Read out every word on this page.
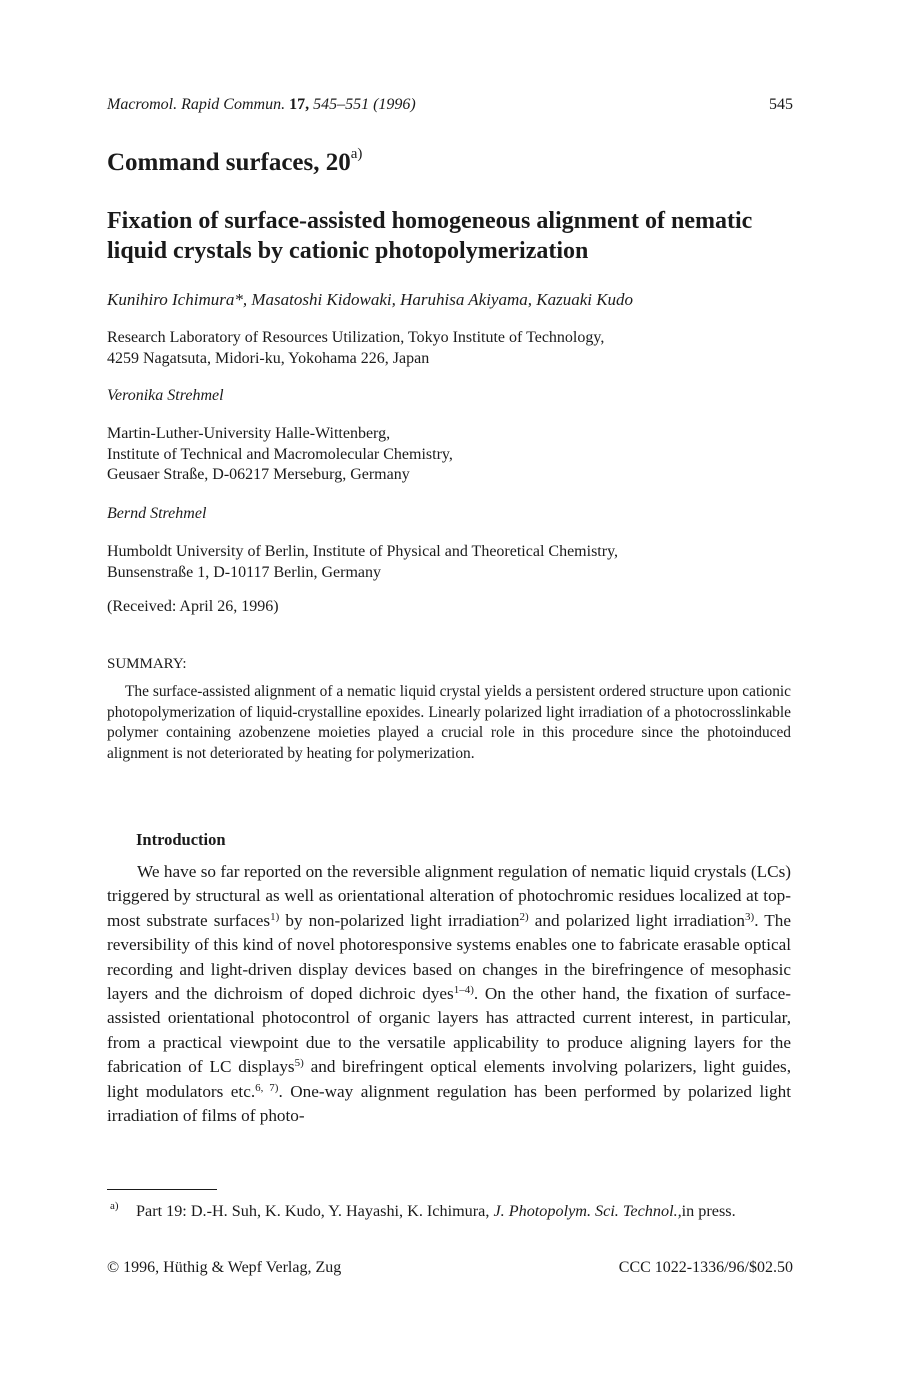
Macromol. Rapid Commun. 17, 545–551 (1996)	545
Command surfaces, 20$^{a)}$
Fixation of surface-assisted homogeneous alignment of nematic liquid crystals by cationic photopolymerization
Kunihiro Ichimura*, Masatoshi Kidowaki, Haruhisa Akiyama, Kazuaki Kudo
Research Laboratory of Resources Utilization, Tokyo Institute of Technology,
4259 Nagatsuta, Midori-ku, Yokohama 226, Japan
Veronika Strehmel
Martin-Luther-University Halle-Wittenberg,
Institute of Technical and Macromolecular Chemistry,
Geusaer Straße, D-06217 Merseburg, Germany
Bernd Strehmel
Humboldt University of Berlin, Institute of Physical and Theoretical Chemistry,
Bunsenstraße 1, D-10117 Berlin, Germany
(Received: April 26, 1996)
SUMMARY:
The surface-assisted alignment of a nematic liquid crystal yields a persistent ordered structure upon cationic photopolymerization of liquid-crystalline epoxides. Linearly polarized light irradiation of a photocrosslinkable polymer containing azobenzene moieties played a crucial role in this procedure since the photoinduced alignment is not deteriorated by heating for polymerization.
Introduction
We have so far reported on the reversible alignment regulation of nematic liquid crystals (LCs) triggered by structural as well as orientational alteration of photochromic residues localized at top-most substrate surfaces$^{1)}$ by non-polarized light irradiation$^{2)}$ and polarized light irradiation$^{3)}$. The reversibility of this kind of novel photoresponsive systems enables one to fabricate erasable optical recording and light-driven display devices based on changes in the birefringence of mesophasic layers and the dichroism of doped dichroic dyes$^{1-4)}$. On the other hand, the fixation of surface-assisted orientational photocontrol of organic layers has attracted current interest, in particular, from a practical viewpoint due to the versatile applicability to produce aligning layers for the fabrication of LC displays$^{5)}$ and birefringent optical elements involving polarizers, light guides, light modulators etc.$^{6, 7)}$. One-way alignment regulation has been performed by polarized light irradiation of films of photo-
a) Part 19: D.-H. Suh, K. Kudo, Y. Hayashi, K. Ichimura, J. Photopolym. Sci. Technol.,in press.
© 1996, Hüthig & Wepf Verlag, Zug	CCC 1022-1336/96/$02.50
